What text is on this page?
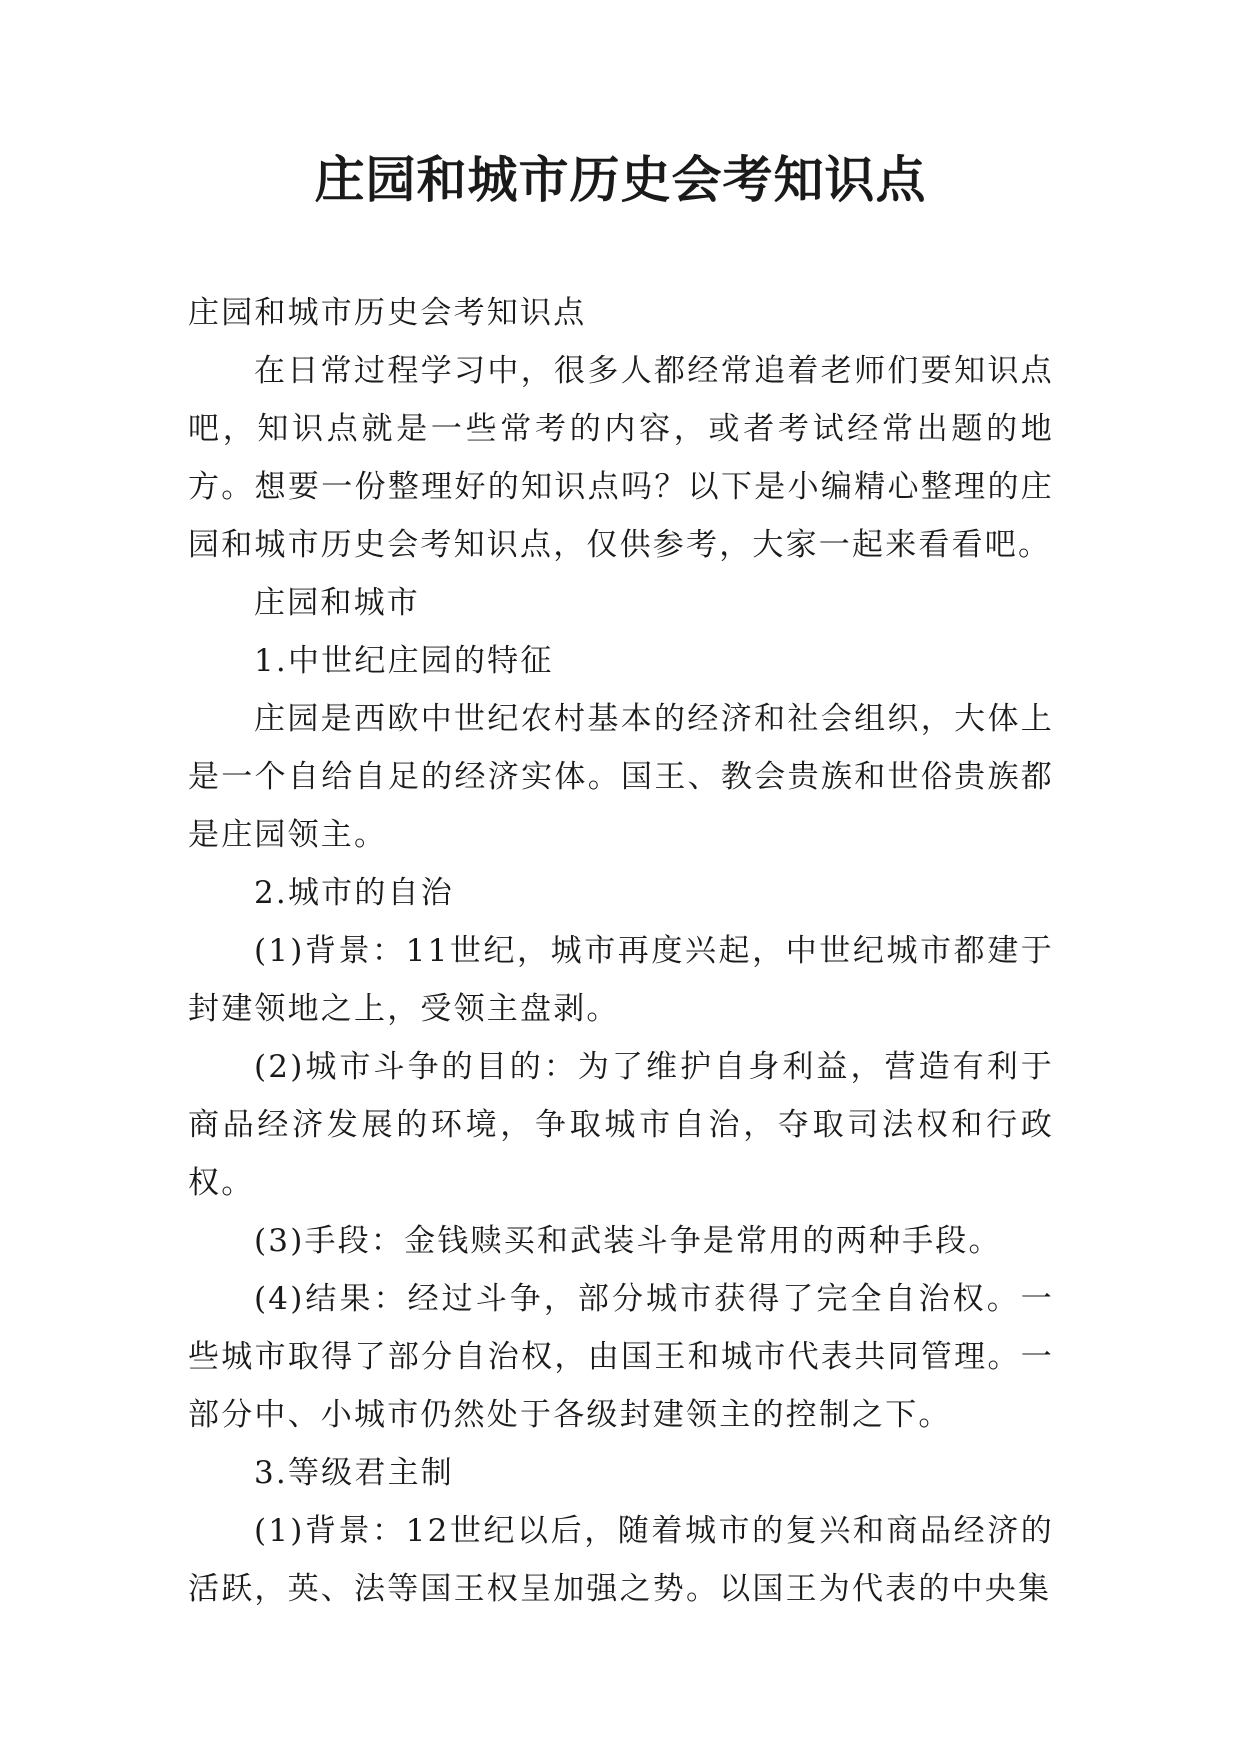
庄园和城市历史会考知识点

庄园和城市历史会考知识点

在日常过程学习中，很多人都经常追着老师们要知识点吧，知识点就是一些常考的内容，或者考试经常出题的地方。想要一份整理好的知识点吗？以下是小编精心整理的庄园和城市历史会考知识点，仅供参考，大家一起来看看吧。

庄园和城市

1.中世纪庄园的特征

庄园是西欧中世纪农村基本的经济和社会组织，大体上是一个自给自足的经济实体。国王、教会贵族和世俗贵族都是庄园领主。

2.城市的自治

(1)背景：11世纪，城市再度兴起，中世纪城市都建于封建领地之上，受领主盘剥。

(2)城市斗争的目的：为了维护自身利益，营造有利于商品经济发展的环境，争取城市自治，夺取司法权和行政权。

(3)手段：金钱赎买和武装斗争是常用的两种手段。

(4)结果：经过斗争，部分城市获得了完全自治权。一些城市取得了部分自治权，由国王和城市代表共同管理。一部分中、小城市仍然处于各级封建领主的控制之下。

3.等级君主制

(1)背景：12世纪以后，随着城市的复兴和商品经济的活跃，英、法等国王权呈加强之势。以国王为代表的中央集
